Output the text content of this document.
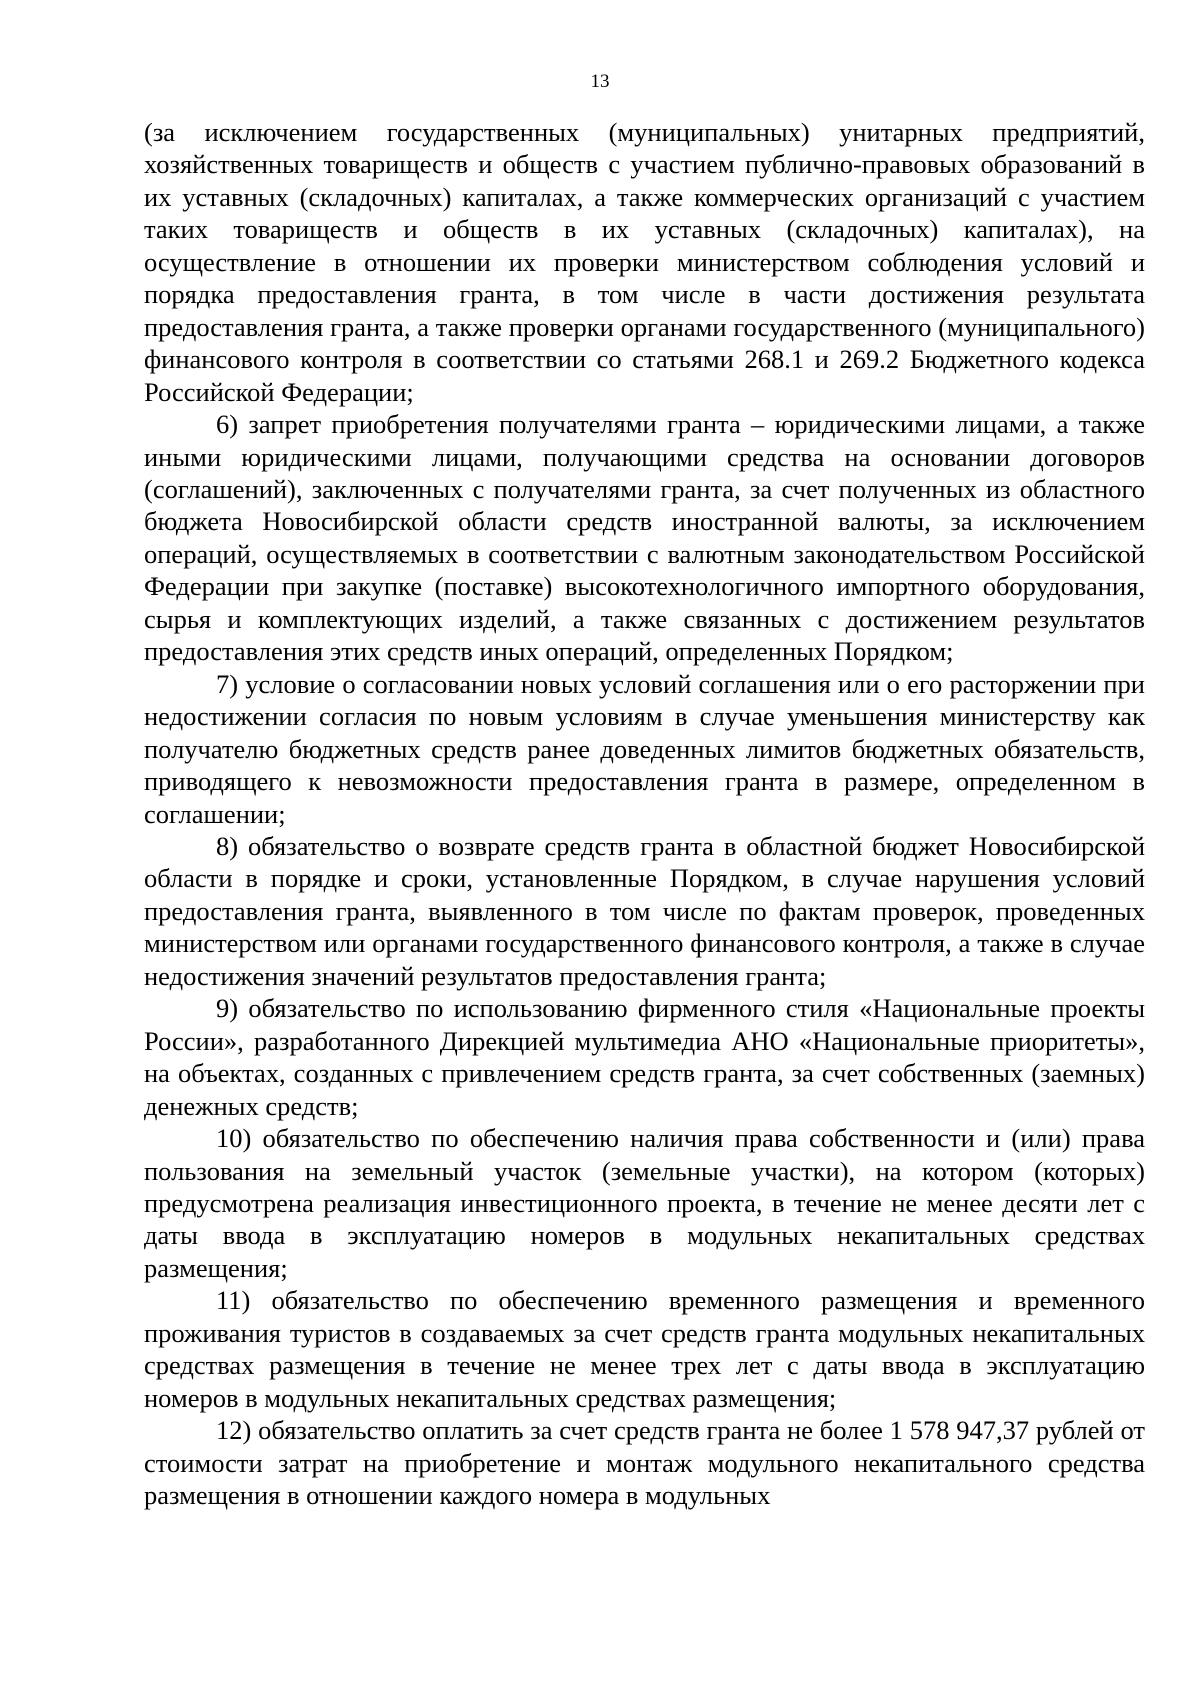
13

(за исключением государственных (муниципальных) унитарных предприятий, хозяйственных товариществ и обществ с участием публично-правовых образований в их уставных (складочных) капиталах, а также коммерческих организаций с участием таких товариществ и обществ в их уставных (складочных) капиталах), на осуществление в отношении их проверки министерством соблюдения условий и порядка предоставления гранта, в том числе в части достижения результата предоставления гранта, а также проверки органами государственного (муниципального) финансового контроля в соответствии со статьями 268.1 и 269.2 Бюджетного кодекса Российской Федерации;

6) запрет приобретения получателями гранта – юридическими лицами, а также иными юридическими лицами, получающими средства на основании договоров (соглашений), заключенных с получателями гранта, за счет полученных из областного бюджета Новосибирской области средств иностранной валюты, за исключением операций, осуществляемых в соответствии с валютным законодательством Российской Федерации при закупке (поставке) высокотехнологичного импортного оборудования, сырья и комплектующих изделий, а также связанных с достижением результатов предоставления этих средств иных операций, определенных Порядком;

7) условие о согласовании новых условий соглашения или о его расторжении при недостижении согласия по новым условиям в случае уменьшения министерству как получателю бюджетных средств ранее доведенных лимитов бюджетных обязательств, приводящего к невозможности предоставления гранта в размере, определенном в соглашении;

8) обязательство о возврате средств гранта в областной бюджет Новосибирской области в порядке и сроки, установленные Порядком, в случае нарушения условий предоставления гранта, выявленного в том числе по фактам проверок, проведенных министерством или органами государственного финансового контроля, а также в случае недостижения значений результатов предоставления гранта;

9) обязательство по использованию фирменного стиля «Национальные проекты России», разработанного Дирекцией мультимедиа АНО «Национальные приоритеты», на объектах, созданных с привлечением средств гранта, за счет собственных (заемных) денежных средств;

10) обязательство по обеспечению наличия права собственности и (или) права пользования на земельный участок (земельные участки), на котором (которых) предусмотрена реализация инвестиционного проекта, в течение не менее десяти лет с даты ввода в эксплуатацию номеров в модульных некапитальных средствах размещения;

11) обязательство по обеспечению временного размещения и временного проживания туристов в создаваемых за счет средств гранта модульных некапитальных средствах размещения в течение не менее трех лет с даты ввода в эксплуатацию номеров в модульных некапитальных средствах размещения;

12) обязательство оплатить за счет средств гранта не более 1 578 947,37 рублей от стоимости затрат на приобретение и монтаж модульного некапитального средства размещения в отношении каждого номера в модульных
